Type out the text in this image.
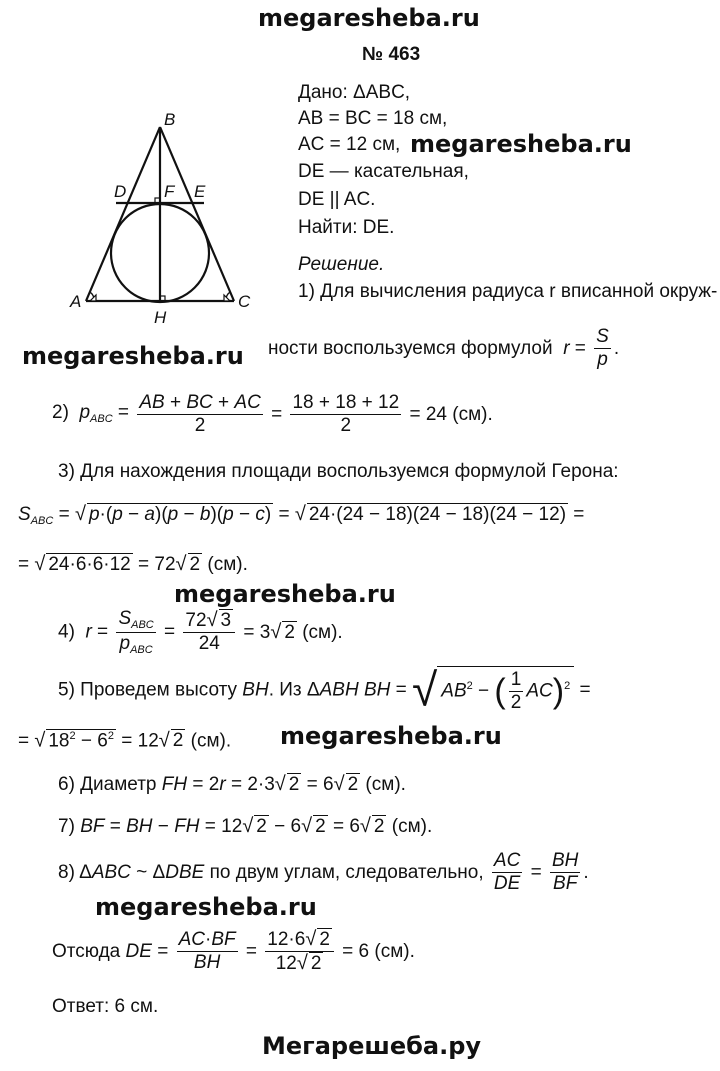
megaresheba.ru
megaresheba.ru
megaresheba.ru
megaresheba.ru
megaresheba.ru
megaresheba.ru
Мегарешеба.ру
№ 463
Дано: ΔABC,
AB = BC = 18 см,
AC = 12 см,
DE — касательная,
DE || AC.
Найти: DE.
Решение.
1) Для вычисления радиуса r вписанной окруж-
B
D F E
A	C
H
ности воспользуемся формулой $r = \frac{S}{p}$ .
2)  $p_{ABC} = \frac{AB + BC + AC}{2} = \frac{18 + 18 + 12}{2} = 24$ (см).
3) Для нахождения площади воспользуемся формулой Герона:
$S_{ABC}$ = √ p·(p − a)(p − b)(p − c) = √ 24·(24 − 18)(24 − 18)(24 − 12) =
= √ 24·6·6·12 = 72√ 2 (см).
4)  $r = \frac{S_{ABC}}{p_{ABC}} = \frac{72√ 3}{24} = 3√$ 2 (см).
5) Проведем высоту BH. Из ΔABH BH = √ $AB^2$ − ( $\frac{1}{2} AC)^2$ =
= √ $18^2 - 6^2 = 12√$ 2 (см).
6) Диаметр FH = 2r = 2·3√ 2 = 6√ 2 (см).
7) BF = BH − FH = 12√ 2 − 6√ 2 = 6√ 2 (см).
8) ΔABC ~ ΔDBE по двум углам, следовательно, $\frac{AC}{DE} = \frac{BH}{BF}$ .
Отсюда DE = $\frac{AC\cdot BF}{BH} = \frac{12\cdot 6√ 2}{12√ 2} = 6$ (см).
Ответ: 6 см.
